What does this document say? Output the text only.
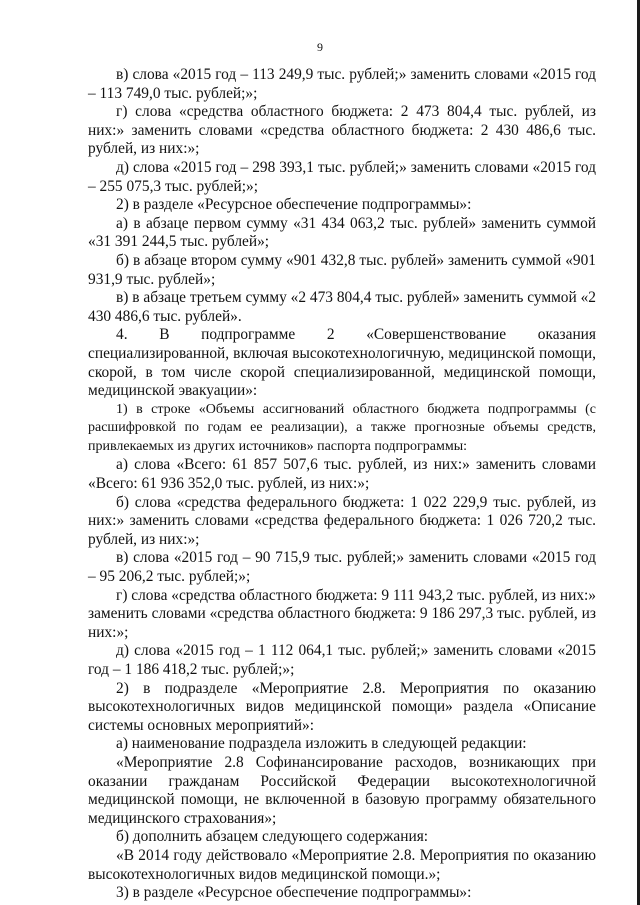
9

в) слова «2015 год – 113 249,9 тыс. рублей;» заменить словами «2015 год – 113 749,0 тыс. рублей;»;

г) слова «средства областного бюджета: 2 473 804,4 тыс. рублей, из них:» заменить словами «средства областного бюджета: 2 430 486,6 тыс. рублей, из них:»;

д) слова «2015 год – 298 393,1 тыс. рублей;» заменить словами «2015 год – 255 075,3 тыс. рублей;»;

2) в разделе «Ресурсное обеспечение подпрограммы»:

а) в абзаце первом сумму «31 434 063,2 тыс. рублей» заменить суммой «31 391 244,5 тыс. рублей»;

б) в абзаце втором сумму «901 432,8 тыс. рублей» заменить суммой «901 931,9 тыс. рублей»;

в) в абзаце третьем сумму «2 473 804,4 тыс. рублей» заменить суммой «2 430 486,6 тыс. рублей».

4. В подпрограмме 2 «Совершенствование оказания специализированной, включая высокотехнологичную, медицинской помощи, скорой, в том числе скорой специализированной, медицинской помощи, медицинской эвакуации»:

1) в строке «Объемы ассигнований областного бюджета подпрограммы (с расшифровкой по годам ее реализации), а также прогнозные объемы средств, привлекаемых из других источников» паспорта подпрограммы:

а) слова «Всего: 61 857 507,6 тыс. рублей, из них:» заменить словами «Всего: 61 936 352,0 тыс. рублей, из них:»;

б) слова «средства федерального бюджета: 1 022 229,9 тыс. рублей, из них:» заменить словами «средства федерального бюджета: 1 026 720,2 тыс. рублей, из них:»;

в) слова «2015 год – 90 715,9 тыс. рублей;» заменить словами «2015 год – 95 206,2 тыс. рублей;»;

г) слова «средства областного бюджета: 9 111 943,2 тыс. рублей, из них:» заменить словами «средства областного бюджета: 9 186 297,3 тыс. рублей, из них:»;

д) слова «2015 год – 1 112 064,1 тыс. рублей;» заменить словами «2015 год – 1 186 418,2 тыс. рублей;»;

2) в подразделе «Мероприятие 2.8. Мероприятия по оказанию высокотехнологичных видов медицинской помощи» раздела «Описание системы основных мероприятий»:

а) наименование подраздела изложить в следующей редакции:

«Мероприятие 2.8 Софинансирование расходов, возникающих при оказании гражданам Российской Федерации высокотехнологичной медицинской помощи, не включенной в базовую программу обязательного медицинского страхования»;

б) дополнить абзацем следующего содержания:

«В 2014 году действовало «Мероприятие 2.8. Мероприятия по оказанию высокотехнологичных видов медицинской помощи.»;

3) в разделе «Ресурсное обеспечение подпрограммы»:
